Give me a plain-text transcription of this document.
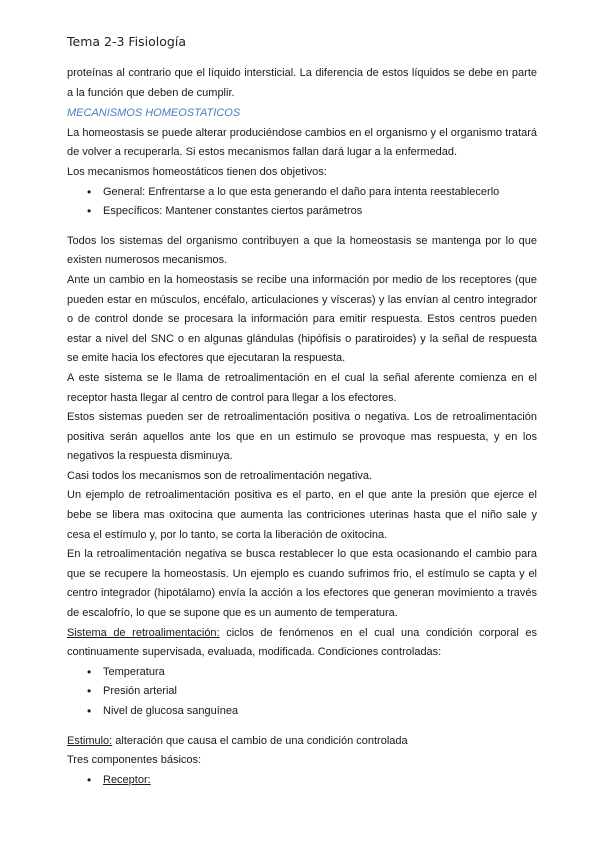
Tema 2-3 Fisiología

proteínas al contrario que el líquido intersticial. La diferencia de estos líquidos se debe en parte a la función que deben de cumplir.

MECANISMOS HOMEOSTATICOS

La homeostasis se puede alterar produciéndose cambios en el organismo y el organismo tratará de volver a recuperarla. Si estos mecanismos fallan dará lugar a la enfermedad.

Los mecanismos homeostáticos tienen dos objetivos:

• General: Enfrentarse a lo que esta generando el daño para intenta reestablecerlo
• Específicos: Mantener constantes ciertos parámetros

Todos los sistemas del organismo contribuyen a que la homeostasis se mantenga por lo que existen numerosos mecanismos.

Ante un cambio en la homeostasis se recibe una información por medio de los receptores (que pueden estar en músculos, encéfalo, articulaciones y vísceras) y las envían al centro integrador o de control donde se procesara la información para emitir respuesta. Estos centros pueden estar a nivel del SNC o en algunas glándulas (hipófisis o paratiroides) y la señal de respuesta se emite hacia los efectores que ejecutaran la respuesta.

A este sistema se le llama de retroalimentación en el cual la señal aferente comienza en el receptor hasta llegar al centro de control para llegar a los efectores.

Estos sistemas pueden ser de retroalimentación positiva o negativa. Los de retroalimentación positiva serán aquellos ante los que en un estimulo se provoque mas respuesta, y en los negativos la respuesta disminuya.

Casi todos los mecanismos son de retroalimentación negativa.

Un ejemplo de retroalimentación positiva es el parto, en el que ante la presión que ejerce el bebe se libera mas oxitocina que aumenta las contriciones uterinas hasta que el niño sale y cesa el estímulo y, por lo tanto, se corta la liberación de oxitocina.

En la retroalimentación negativa se busca restablecer lo que esta ocasionando el cambio para que se recupere la homeostasis. Un ejemplo es cuando sufrimos frio, el estímulo se capta y el centro integrador (hipotálamo) envía la acción a los efectores que generan movimiento a través de escalofrío, lo que se supone que es un aumento de temperatura.

Sistema de retroalimentación: ciclos de fenómenos en el cual una condición corporal es continuamente supervisada, evaluada, modificada. Condiciones controladas:

• Temperatura
• Presión arterial
• Nivel de glucosa sanguínea

Estimulo: alteración que causa el cambio de una condición controlada

Tres componentes básicos:

• Receptor:
